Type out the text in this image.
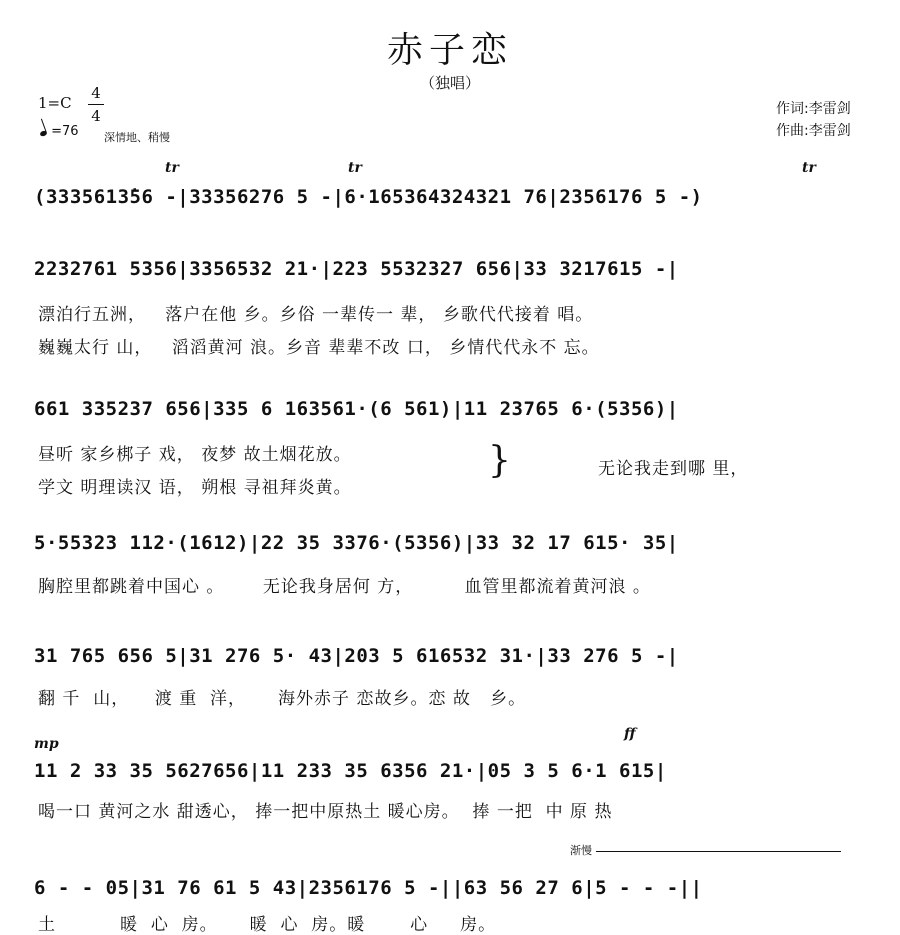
赤子恋
（独唱）
作词:李雷剑
作曲:李雷剑
$1=C \frac{4}{4}$
=76 深情地、稍慢
tr	tr	tr
(3335613̇56 -|33356276 5 -|6·165364324321 76|2356176 5 -)
2232761 5356|3356532 21·|223 5532327 656|33 3217615 -|
漂泊行五洲，   落户在他 乡。乡俗 一辈传一 辈， 乡歌代代接着 唱。
巍巍太行 山，   滔滔黄河 浪。乡音 辈辈不改 口， 乡情代代永不 忘。
661 335237 656|335 6 163561·(6 561)|11 23765 6·(5356)|
昼听 家乡梆子 戏， 夜梦 故土烟花放。
学文 明理读汉 语， 朔根 寻祖拜炎黄。
}	无论我走到哪 里，
5·55323 112·(1612)|22 35 3376·(5356)|33 32 17 615· 35|
胸腔里都跳着中国心 。      无论我身居何 方，        血管里都流着黄河浪 。
31 765 656 5|31 276 5· 43|203 5 616532 31·|33 276 5 -|
翻 千  山，    渡 重  洋，     海外赤子 恋故乡。恋 故   乡。
mp
ff
11 2 33 35 5627656|11 233 35 6356 21·|05 3 5 6·1 615|
喝一口 黄河之水 甜透心， 捧一把中原热土 暖心房。  捧 一把  中 原 热
渐慢
6 - - 05|31 76 61 5 43|2356176 5 -||63 56 27 6|5 - - -||
土          暖  心  房。     暖  心  房。暖       心     房。
